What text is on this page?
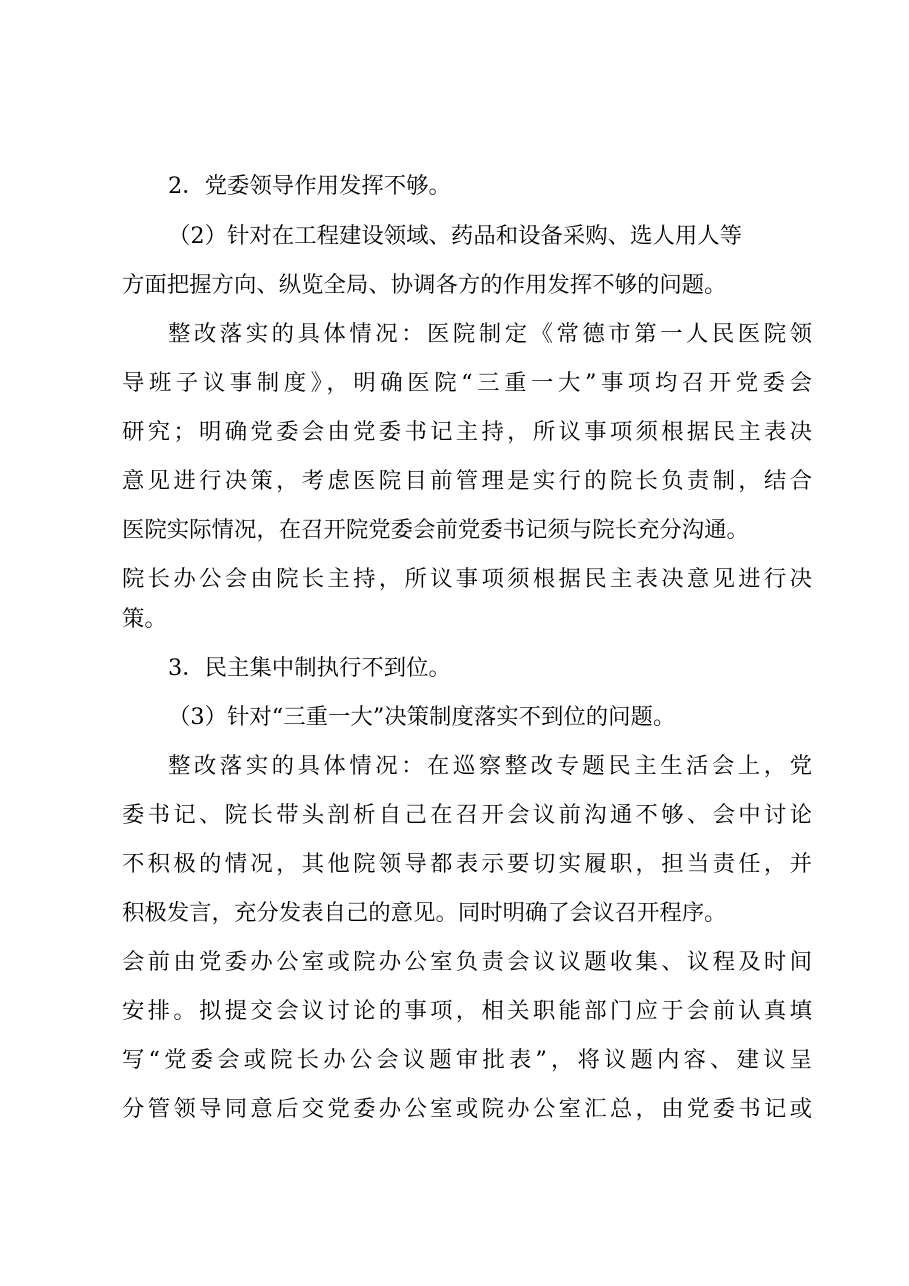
2．党委领导作用发挥不够。
（2）针对在工程建设领域、药品和设备采购、选人用人等
方面把握方向、纵览全局、协调各方的作用发挥不够的问题。
整改落实的具体情况：医院制定《常德市第一人民医院领
导班子议事制度》，明确医院“三重一大”事项均召开党委会
研究；明确党委会由党委书记主持，所议事项须根据民主表决
意见进行决策，考虑医院目前管理是实行的院长负责制，结合
医院实际情况，在召开院党委会前党委书记须与院长充分沟通。
院长办公会由院长主持，所议事项须根据民主表决意见进行决
策。
3．民主集中制执行不到位。
（3）针对“三重一大”决策制度落实不到位的问题。
整改落实的具体情况：在巡察整改专题民主生活会上，党
委书记、院长带头剖析自己在召开会议前沟通不够、会中讨论
不积极的情况，其他院领导都表示要切实履职，担当责任，并
积极发言，充分发表自己的意见。同时明确了会议召开程序。
会前由党委办公室或院办公室负责会议议题收集、议程及时间
安排。拟提交会议讨论的事项，相关职能部门应于会前认真填
写“党委会或院长办公会议题审批表”，将议题内容、建议呈
分管领导同意后交党委办公室或院办公室汇总，由党委书记或
